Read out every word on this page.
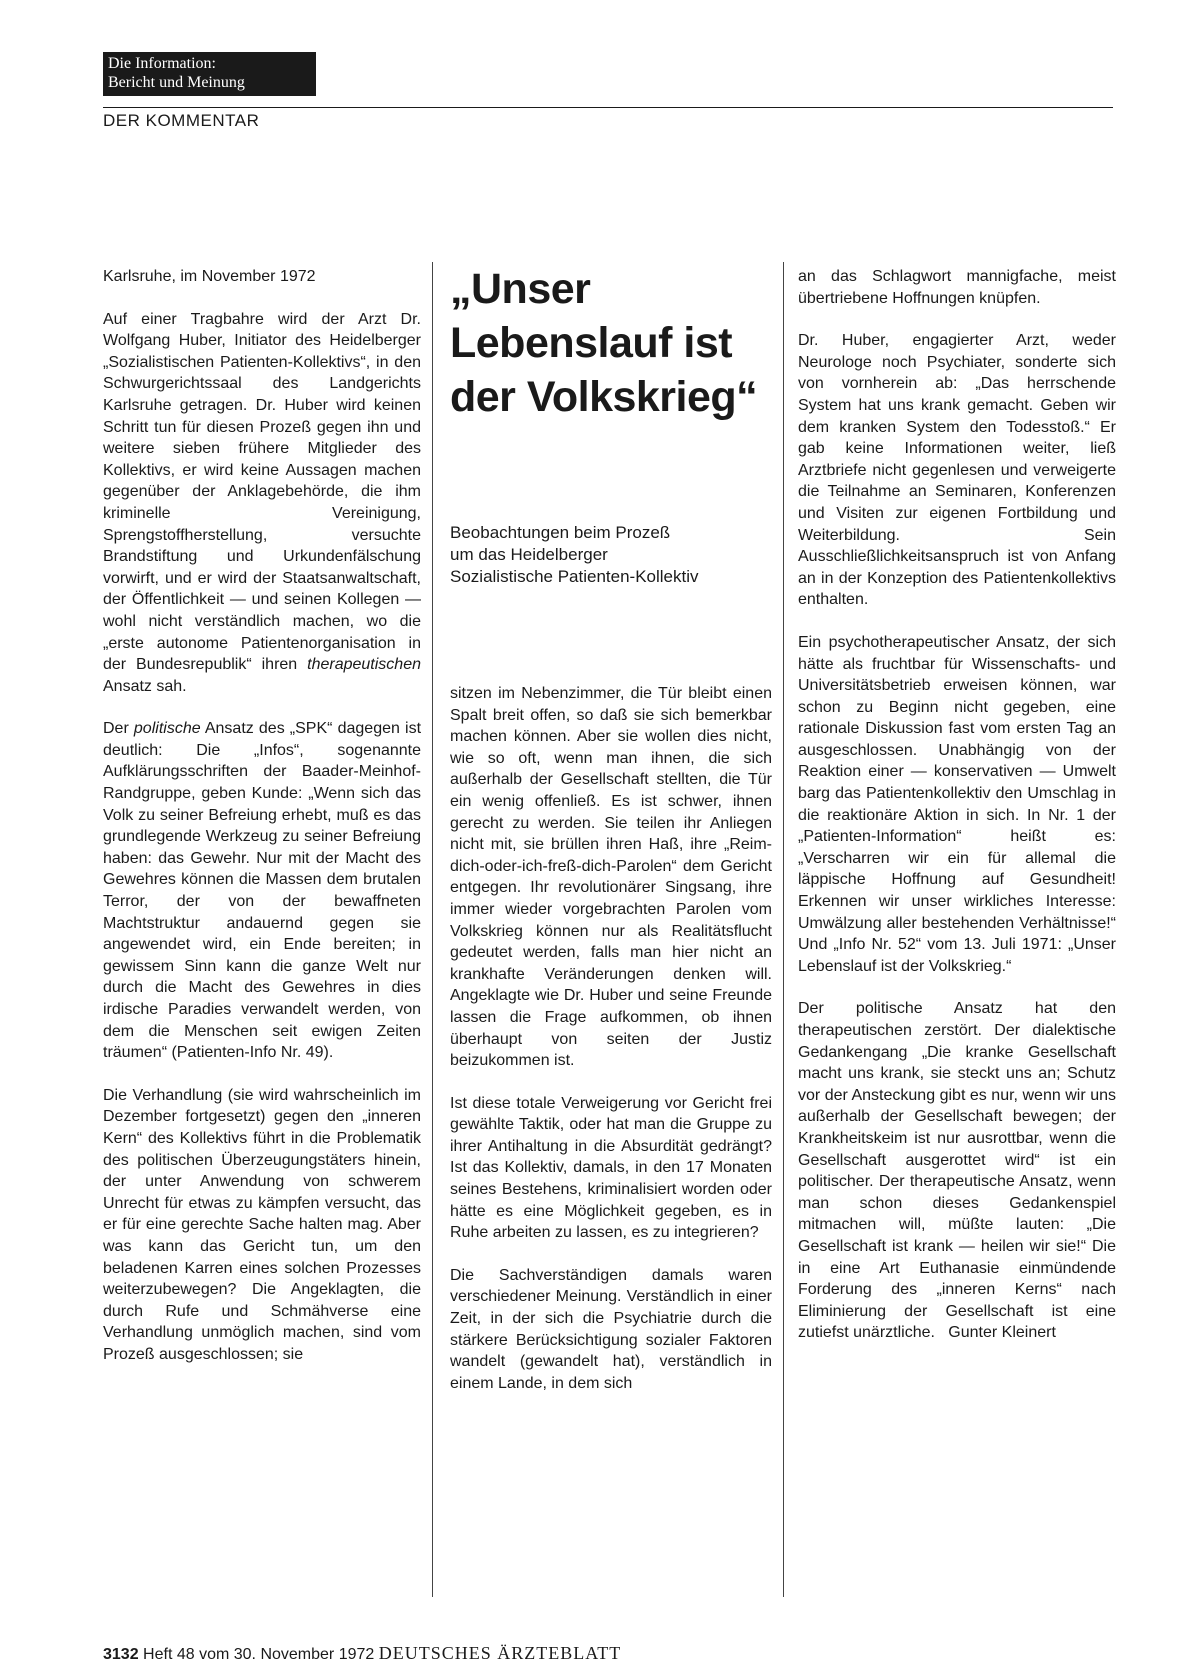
Die Information:
Bericht und Meinung
DER KOMMENTAR

Karlsruhe, im November 1972

Auf einer Tragbahre wird der Arzt Dr. Wolfgang Huber, Initiator des Heidelberger „Sozialistischen Patienten-Kollektivs“, in den Schwurgerichtssaal des Landgerichts Karlsruhe getragen. Dr. Huber wird keinen Schritt tun für diesen Prozeß gegen ihn und weitere sieben frühere Mitglieder des Kollektivs, er wird keine Aussagen machen gegenüber der Anklagebehörde, die ihm kriminelle Vereinigung, Sprengstoffherstellung, versuchte Brandstiftung und Urkundenfälschung vorwirft, und er wird der Staatsanwaltschaft, der Öffentlichkeit — und seinen Kollegen — wohl nicht verständlich machen, wo die „erste autonome Patientenorganisation in der Bundesrepublik“ ihren therapeutischen Ansatz sah.

Der politische Ansatz des „SPK“ dagegen ist deutlich: Die „Infos“, sogenannte Aufklärungsschriften der Baader-Meinhof-Randgruppe, geben Kunde: „Wenn sich das Volk zu seiner Befreiung erhebt, muß es das grundlegende Werkzeug zu seiner Befreiung haben: das Gewehr. Nur mit der Macht des Gewehres können die Massen dem brutalen Terror, der von der bewaffneten Machtstruktur andauernd gegen sie angewendet wird, ein Ende bereiten; in gewissem Sinn kann die ganze Welt nur durch die Macht des Gewehres in dies irdische Paradies verwandelt werden, von dem die Menschen seit ewigen Zeiten träumen“ (Patienten-Info Nr. 49).

Die Verhandlung (sie wird wahrscheinlich im Dezember fortgesetzt) gegen den „inneren Kern“ des Kollektivs führt in die Problematik des politischen Überzeugungstäters hinein, der unter Anwendung von schwerem Unrecht für etwas zu kämpfen versucht, das er für eine gerechte Sache halten mag. Aber was kann das Gericht tun, um den beladenen Karren eines solchen Prozesses weiterzubewegen? Die Angeklagten, die durch Rufe und Schmähverse eine Verhandlung unmöglich machen, sind vom Prozeß ausgeschlossen; sie

„Unser Lebenslauf ist der Volkskrieg“
Beobachtungen beim Prozeß
um das Heidelberger
Sozialistische Patienten-Kollektiv

sitzen im Nebenzimmer, die Tür bleibt einen Spalt breit offen, so daß sie sich bemerkbar machen können. Aber sie wollen dies nicht, wie so oft, wenn man ihnen, die sich außerhalb der Gesellschaft stellten, die Tür ein wenig offenließ. Es ist schwer, ihnen gerecht zu werden. Sie teilen ihr Anliegen nicht mit, sie brüllen ihren Haß, ihre „Reim-dich-oder-ich-freß-dich-Parolen“ dem Gericht entgegen. Ihr revolutionärer Singsang, ihre immer wieder vorgebrachten Parolen vom Volkskrieg können nur als Realitätsflucht gedeutet werden, falls man hier nicht an krankhafte Veränderungen denken will. Angeklagte wie Dr. Huber und seine Freunde lassen die Frage aufkommen, ob ihnen überhaupt von seiten der Justiz beizukommen ist.

Ist diese totale Verweigerung vor Gericht frei gewählte Taktik, oder hat man die Gruppe zu ihrer Antihaltung in die Absurdität gedrängt? Ist das Kollektiv, damals, in den 17 Monaten seines Bestehens, kriminalisiert worden oder hätte es eine Möglichkeit gegeben, es in Ruhe arbeiten zu lassen, es zu integrieren?

Die Sachverständigen damals waren verschiedener Meinung. Verständlich in einer Zeit, in der sich die Psychiatrie durch die stärkere Berücksichtigung sozialer Faktoren wandelt (gewandelt hat), verständlich in einem Lande, in dem sich

an das Schlagwort mannigfache, meist übertriebene Hoffnungen knüpfen.

Dr. Huber, engagierter Arzt, weder Neurologe noch Psychiater, sonderte sich von vornherein ab: „Das herrschende System hat uns krank gemacht. Geben wir dem kranken System den Todesstoß.“ Er gab keine Informationen weiter, ließ Arztbriefe nicht gegenlesen und verweigerte die Teilnahme an Seminaren, Konferenzen und Visiten zur eigenen Fortbildung und Weiterbildung. Sein Ausschließlichkeitsanspruch ist von Anfang an in der Konzeption des Patientenkollektivs enthalten.

Ein psychotherapeutischer Ansatz, der sich hätte als fruchtbar für Wissenschafts- und Universitätsbetrieb erweisen können, war schon zu Beginn nicht gegeben, eine rationale Diskussion fast vom ersten Tag an ausgeschlossen. Unabhängig von der Reaktion einer — konservativen — Umwelt barg das Patientenkollektiv den Umschlag in die reaktionäre Aktion in sich. In Nr. 1 der „Patienten-Information“ heißt es: „Verscharren wir ein für allemal die läppische Hoffnung auf Gesundheit! Erkennen wir unser wirkliches Interesse: Umwälzung aller bestehenden Verhältnisse!“ Und „Info Nr. 52“ vom 13. Juli 1971: „Unser Lebenslauf ist der Volkskrieg.“

Der politische Ansatz hat den therapeutischen zerstört. Der dialektische Gedankengang „Die kranke Gesellschaft macht uns krank, sie steckt uns an; Schutz vor der Ansteckung gibt es nur, wenn wir uns außerhalb der Gesellschaft bewegen; der Krankheitskeim ist nur ausrottbar, wenn die Gesellschaft ausgerottet wird“ ist ein politischer. Der therapeutische Ansatz, wenn man schon dieses Gedankenspiel mitmachen will, müßte lauten: „Die Gesellschaft ist krank — heilen wir sie!“ Die in eine Art Euthanasie einmündende Forderung des „inneren Kerns“ nach Eliminierung der Gesellschaft ist eine zutiefst unärztliche. Gunter Kleinert

3132 Heft 48 vom 30. November 1972 DEUTSCHES ÄRZTEBLATT
